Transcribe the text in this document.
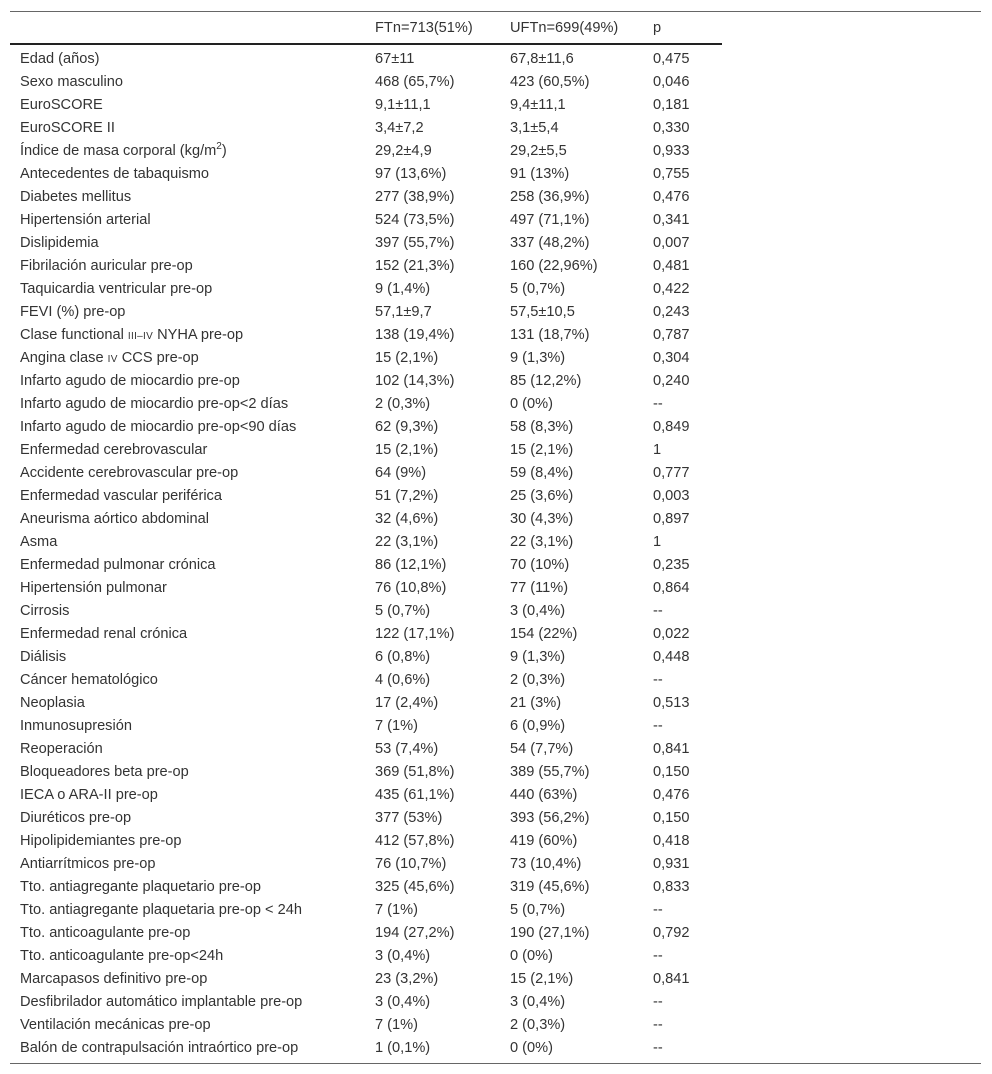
	FTn=713(51%)	UFTn=699(49%)	p
Edad (años)	67±11	67,8±11,6	0,475
Sexo masculino	468 (65,7%)	423 (60,5%)	0,046
EuroSCORE	9,1±11,1	9,4±11,1	0,181
EuroSCORE II	3,4±7,2	3,1±5,4	0,330
Índice de masa corporal $(kg/m^2)$	29,2±4,9	29,2±5,5	0,933
Antecedentes de tabaquismo	97 (13,6%)	91 (13%)	0,755
Diabetes mellitus	277 (38,9%)	258 (36,9%)	0,476
Hipertensión arterial	524 (73,5%)	497 (71,1%)	0,341
Dislipidemia	397 (55,7%)	337 (48,2%)	0,007
Fibrilación auricular pre-op	152 (21,3%)	160 (22,96%)	0,481
Taquicardia ventricular pre-op	9 (1,4%)	5 (0,7%)	0,422
FEVI (%) pre-op	57,1±9,7	57,5±10,5	0,243
Clase functional III–IV NYHA pre-op	138 (19,4%)	131 (18,7%)	0,787
Angina clase IV CCS pre-op	15 (2,1%)	9 (1,3%)	0,304
Infarto agudo de miocardio pre-op	102 (14,3%)	85 (12,2%)	0,240
Infarto agudo de miocardio pre-op<2 días	2 (0,3%)	0 (0%)	--
Infarto agudo de miocardio pre-op<90 días	62 (9,3%)	58 (8,3%)	0,849
Enfermedad cerebrovascular	15 (2,1%)	15 (2,1%)	1
Accidente cerebrovascular pre-op	64 (9%)	59 (8,4%)	0,777
Enfermedad vascular periférica	51 (7,2%)	25 (3,6%)	0,003
Aneurisma aórtico abdominal	32 (4,6%)	30 (4,3%)	0,897
Asma	22 (3,1%)	22 (3,1%)	1
Enfermedad pulmonar crónica	86 (12,1%)	70 (10%)	0,235
Hipertensión pulmonar	76 (10,8%)	77 (11%)	0,864
Cirrosis	5 (0,7%)	3 (0,4%)	--
Enfermedad renal crónica	122 (17,1%)	154 (22%)	0,022
Diálisis	6 (0,8%)	9 (1,3%)	0,448
Cáncer hematológico	4 (0,6%)	2 (0,3%)	--
Neoplasia	17 (2,4%)	21 (3%)	0,513
Inmunosupresión	7 (1%)	6 (0,9%)	--
Reoperación	53 (7,4%)	54 (7,7%)	0,841
Bloqueadores beta pre-op	369 (51,8%)	389 (55,7%)	0,150
IECA o ARA-II pre-op	435 (61,1%)	440 (63%)	0,476
Diuréticos pre-op	377 (53%)	393 (56,2%)	0,150
Hipolipidemiantes pre-op	412 (57,8%)	419 (60%)	0,418
Antiarrítmicos pre-op	76 (10,7%)	73 (10,4%)	0,931
Tto. antiagregante plaquetario pre-op	325 (45,6%)	319 (45,6%)	0,833
Tto. antiagregante plaquetaria pre-op < 24h	7 (1%)	5 (0,7%)	--
Tto. anticoagulante pre-op	194 (27,2%)	190 (27,1%)	0,792
Tto. anticoagulante pre-op<24h	3 (0,4%)	0 (0%)	--
Marcapasos definitivo pre-op	23 (3,2%)	15 (2,1%)	0,841
Desfibrilador automático implantable pre-op	3 (0,4%)	3 (0,4%)	--
Ventilación mecánicas pre-op	7 (1%)	2 (0,3%)	--
Balón de contrapulsación intraórtico pre-op	1 (0,1%)	0 (0%)	--
